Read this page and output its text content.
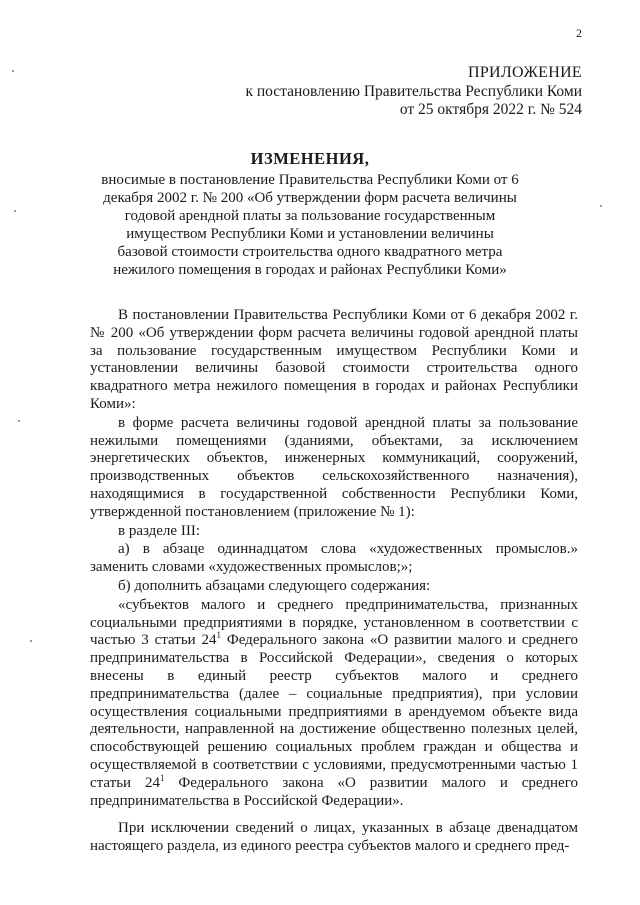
2
ПРИЛОЖЕНИЕ
к постановлению Правительства Республики Коми
от 25 октября 2022 г. № 524
ИЗМЕНЕНИЯ,
вносимые в постановление Правительства Республики Коми от 6 декабря 2002 г. № 200 «Об утверждении форм расчета величины годовой арендной платы за пользование государственным имуществом Республики Коми и установлении величины базовой стоимости строительства одного квадратного метра нежилого помещения в городах и районах Республики Коми»

В постановлении Правительства Республики Коми от 6 декабря 2002 г. № 200 «Об утверждении форм расчета величины годовой арендной платы за пользование государственным имуществом Республики Коми и установлении величины базовой стоимости строительства одного квадратного метра нежилого помещения в городах и районах Республики Коми»:

в форме расчета величины годовой арендной платы за пользование нежилыми помещениями (зданиями, объектами, за исключением энергетических объектов, инженерных коммуникаций, сооружений, производственных объектов сельскохозяйственного назначения), находящимися в государственной собственности Республики Коми, утвержденной постановлением (приложение № 1):

в разделе III:

а) в абзаце одиннадцатом слова «художественных промыслов.» заменить словами «художественных промыслов;»;

б) дополнить абзацами следующего содержания:

«субъектов малого и среднего предпринимательства, признанных социальными предприятиями в порядке, установленном в соответствии с частью 3 статьи $24^1$ Федерального закона «О развитии малого и среднего предпринимательства в Российской Федерации», сведения о которых внесены в единый реестр субъектов малого и среднего предпринимательства (далее – социальные предприятия), при условии осуществления социальными предприятиями в арендуемом объекте вида деятельности, направленной на достижение общественно полезных целей, способствующей решению социальных проблем граждан и общества и осуществляемой в соответствии с условиями, предусмотренными частью 1 статьи $24^1$ Федерального закона «О развитии малого и среднего предпринимательства в Российской Федерации».

При исключении сведений о лицах, указанных в абзаце двенадцатом настоящего раздела, из единого реестра субъектов малого и среднего пред-
